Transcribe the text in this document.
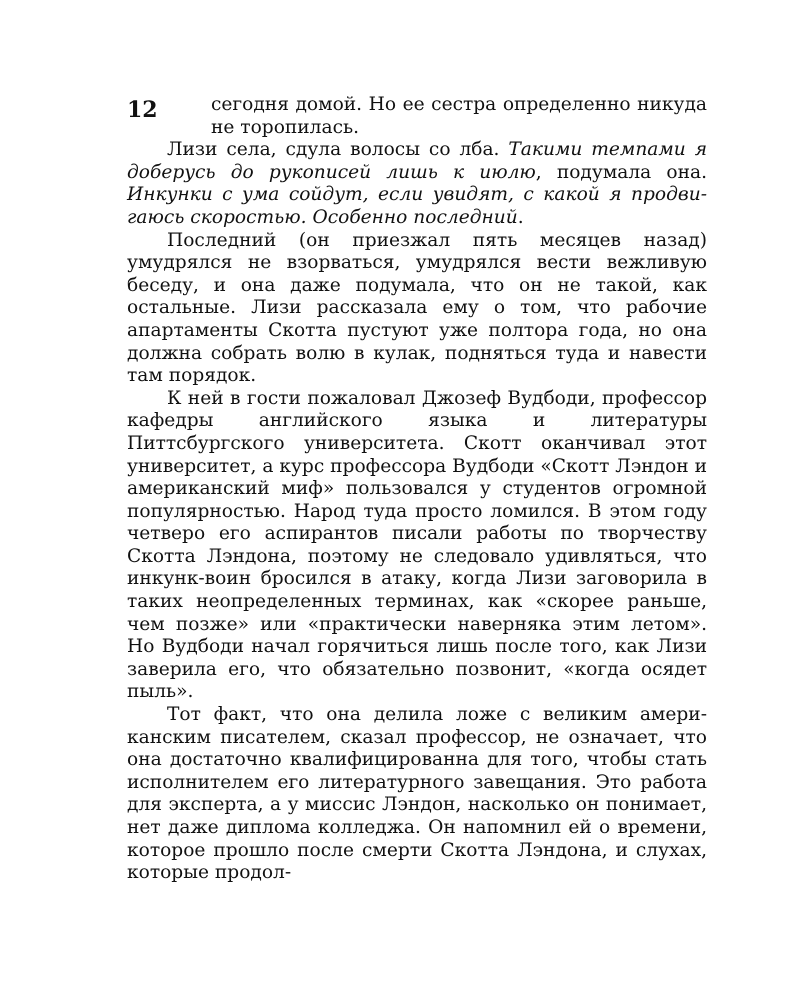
12	сегодня домой. Но ее сестра определенно никуда не торопилась.

Лизи села, сдула волосы со лба. Такими темпами я доберусь до рукописей лишь к июлю, подумала она. Инкунки с ума сойдут, если увидят, с какой я продвигаюсь скоростью. Особенно последний.

Последний (он приезжал пять месяцев назад) умудрялся не взорваться, умудрялся вести вежливую беседу, и она даже подумала, что он не такой, как остальные. Лизи рассказала ему о том, что рабочие апартаменты Скотта пустуют уже полтора года, но она должна собрать волю в кулак, подняться туда и навести там порядок.

К ней в гости пожаловал Джозеф Вудбоди, профессор кафедры английского языка и литературы Питтсбургского университета. Скотт оканчивал этот университет, а курс профессора Вудбоди «Скотт Лэндон и американский миф» пользовался у студентов огромной популярностью. Народ туда просто ломился. В этом году четверо его аспирантов писали работы по творчеству Скотта Лэндона, поэтому не следовало удивляться, что инкунк-воин бросился в атаку, когда Лизи заговорила в таких неопределенных терминах, как «скорее раньше, чем позже» или «практически наверняка этим летом». Но Вудбоди начал горячиться лишь после того, как Лизи заверила его, что обязательно позвонит, «когда осядет пыль».

Тот факт, что она делила ложе с великим американским писателем, сказал профессор, не означает, что она достаточно квалифицированна для того, чтобы стать исполнителем его литературного завещания. Это работа для эксперта, а у миссис Лэндон, насколько он понимает, нет даже диплома колледжа. Он напомнил ей о времени, которое прошло после смерти Скотта Лэндона, и слухах, которые продол-
